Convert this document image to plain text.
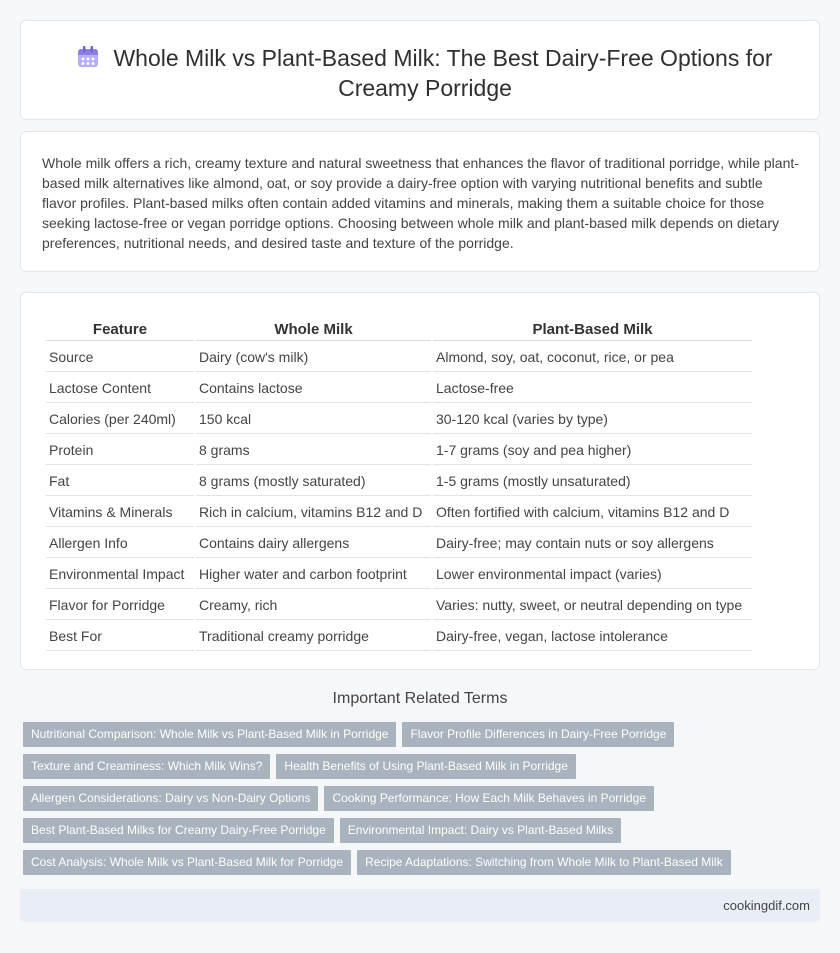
Whole Milk vs Plant-Based Milk: The Best Dairy-Free Options for Creamy Porridge

Whole milk offers a rich, creamy texture and natural sweetness that enhances the flavor of traditional porridge, while plant-based milk alternatives like almond, oat, or soy provide a dairy-free option with varying nutritional benefits and subtle flavor profiles. Plant-based milks often contain added vitamins and minerals, making them a suitable choice for those seeking lactose-free or vegan porridge options. Choosing between whole milk and plant-based milk depends on dietary preferences, nutritional needs, and desired taste and texture of the porridge.

Feature	Whole Milk	Plant-Based Milk
Source	Dairy (cow's milk)	Almond, soy, oat, coconut, rice, or pea
Lactose Content	Contains lactose	Lactose-free
Calories (per 240ml)	150 kcal	30-120 kcal (varies by type)
Protein	8 grams	1-7 grams (soy and pea higher)
Fat	8 grams (mostly saturated)	1-5 grams (mostly unsaturated)
Vitamins & Minerals	Rich in calcium, vitamins B12 and D	Often fortified with calcium, vitamins B12 and D
Allergen Info	Contains dairy allergens	Dairy-free; may contain nuts or soy allergens
Environmental Impact	Higher water and carbon footprint	Lower environmental impact (varies)
Flavor for Porridge	Creamy, rich	Varies: nutty, sweet, or neutral depending on type
Best For	Traditional creamy porridge	Dairy-free, vegan, lactose intolerance
Important Related Terms
Nutritional Comparison: Whole Milk vs Plant-Based Milk in Porridge Flavor Profile Differences in Dairy-Free Porridge
Texture and Creaminess: Which Milk Wins? Health Benefits of Using Plant-Based Milk in Porridge
Allergen Considerations: Dairy vs Non-Dairy Options Cooking Performance: How Each Milk Behaves in Porridge
Best Plant-Based Milks for Creamy Dairy-Free Porridge Environmental Impact: Dairy vs Plant-Based Milks
Cost Analysis: Whole Milk vs Plant-Based Milk for Porridge Recipe Adaptations: Switching from Whole Milk to Plant-Based Milk
cookingdif.com
